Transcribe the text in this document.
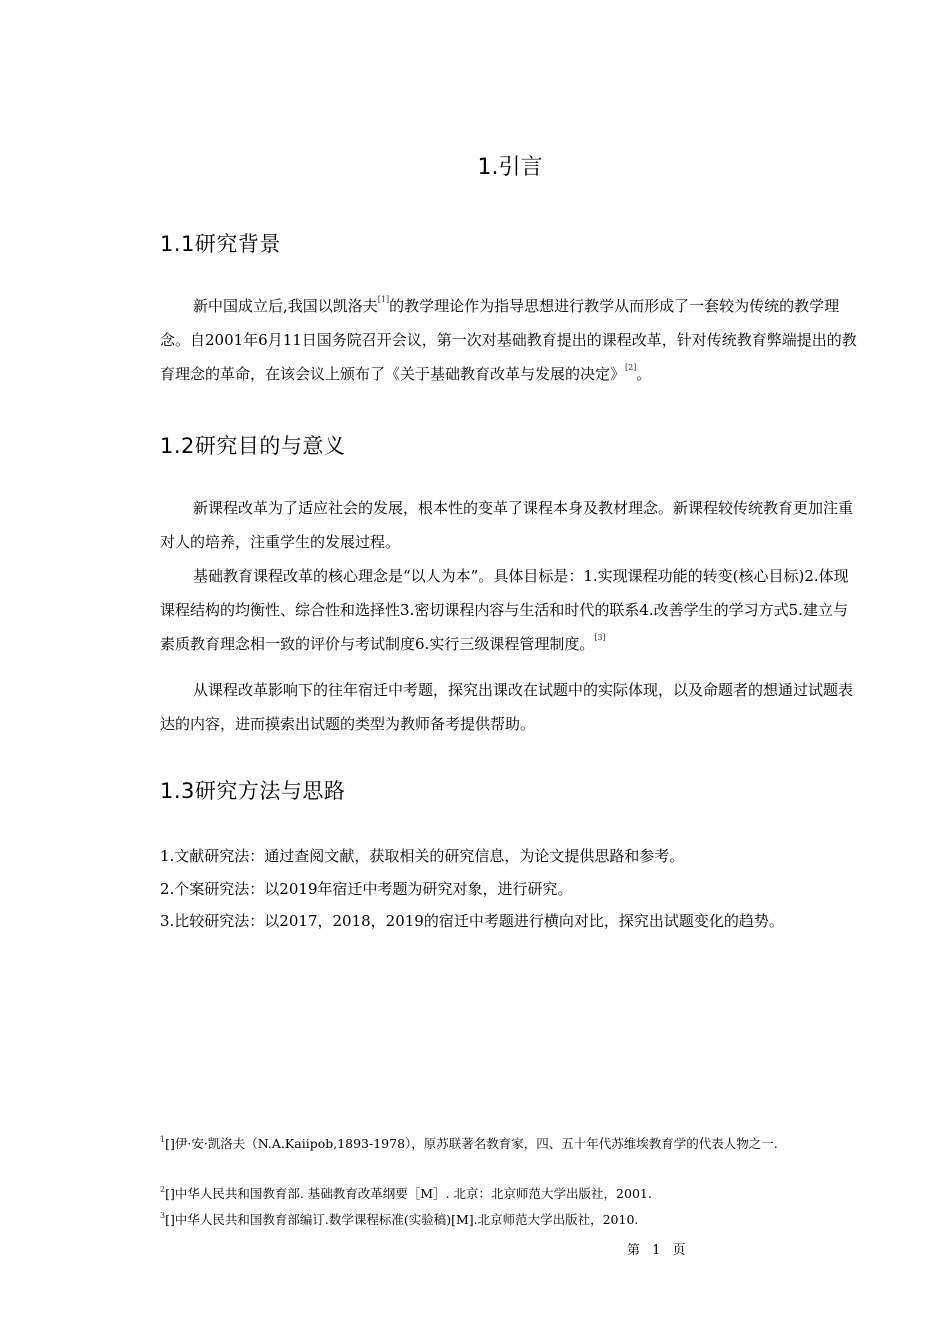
1.引言
1.1研究背景

新中国成立后,我国以凯洛夫[1]的教学理论作为指导思想进行教学从而形成了一套较为传统的教学理念。自2001年6月11日国务院召开会议，第一次对基础教育提出的课程改革，针对传统教育弊端提出的教育理念的革命，在该会议上颁布了《关于基础教育改革与发展的决定》[2]。

1.2研究目的与意义

新课程改革为了适应社会的发展，根本性的变革了课程本身及教材理念。新课程较传统教育更加注重对人的培养，注重学生的发展过程。

基础教育课程改革的核心理念是“以人为本”。具体目标是：1.实现课程功能的转变(核心目标)2.体现课程结构的均衡性、综合性和选择性3.密切课程内容与生活和时代的联系4.改善学生的学习方式5.建立与素质教育理念相一致的评价与考试制度6.实行三级课程管理制度。[3]

从课程改革影响下的往年宿迁中考题，探究出课改在试题中的实际体现，以及命题者的想通过试题表达的内容，进而摸索出试题的类型为教师备考提供帮助。

1.3研究方法与思路
1.文献研究法：通过查阅文献，获取相关的研究信息，为论文提供思路和参考。
2.个案研究法：以2019年宿迁中考题为研究对象，进行研究。
3.比较研究法：以2017，2018，2019的宿迁中考题进行横向对比，探究出试题变化的趋势。
$^1$[]伊·安·凯洛夫（N.A.Kaiipob,1893-1978），原苏联著名教育家，四、五十年代苏维埃教育学的代表人物之一.
$^2$[]中华人民共和国教育部. 基础教育改革纲要［M］. 北京：北京师范大学出版社，2001.
$^3$[]中华人民共和国教育部编订.数学课程标准(实验稿)[M].北京师范大学出版社，2010.
第 1 页
